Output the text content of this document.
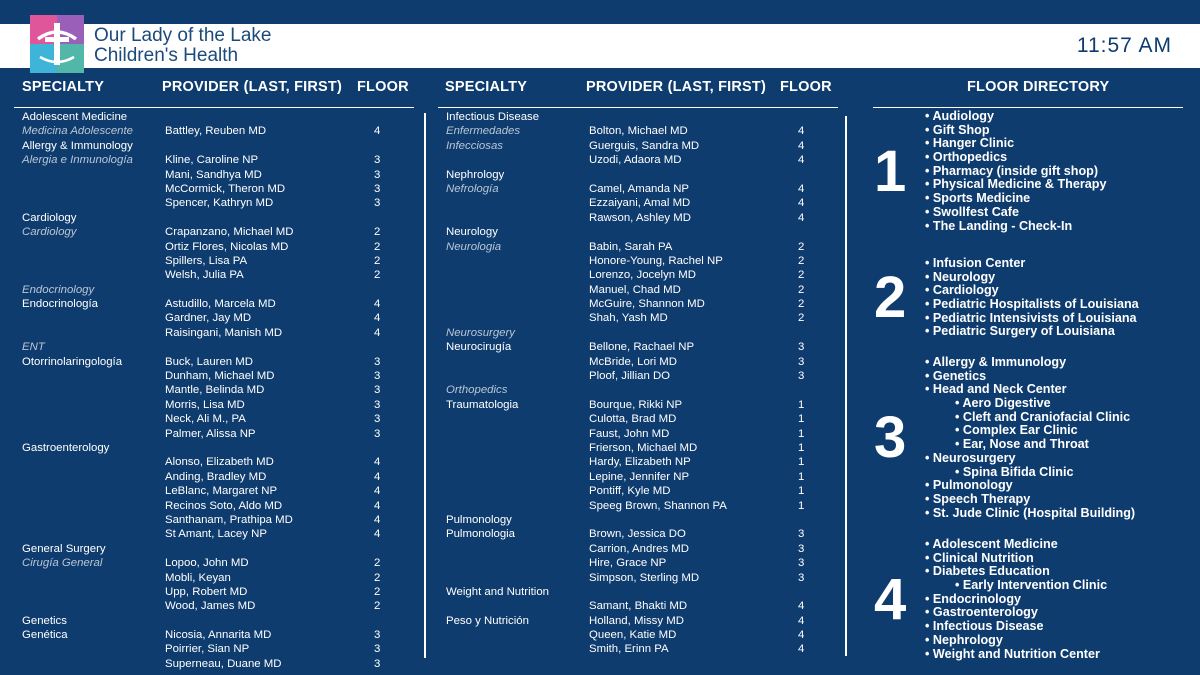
Our Lady of the Lake
Children's Health	11:57 AM
SPECIALTY	PROVIDER (LAST, FIRST) FLOOR	SPECIALTY	PROVIDER (LAST, FIRST) FLOOR	FLOOR DIRECTORY
Adolescent Medicine
Medicina Adolescente	Battley, Reuben MD	4
Allergy & Immunology
Alergia e Inmunología	Kline, Caroline NP	3
Mani, Sandhya MD	3
McCormick, Theron MD	3
Spencer, Kathryn MD	3
Cardiology
Cardiology	Crapanzano, Michael MD	2
Ortiz Flores, Nicolas MD	2
Spillers, Lisa PA	2
Welsh, Julia PA	2
Endocrinology
Endocrinología	Astudillo, Marcela MD	4
Gardner, Jay MD	4
Raisingani, Manish MD	4
ENT
Otorrinolaringología	Buck, Lauren MD	3
Dunham, Michael MD	3
Mantle, Belinda MD	3
Morris, Lisa MD	3
Neck, Ali M., PA	3
Palmer, Alissa NP	3
Gastroenterology
Alonso, Elizabeth MD	4
Anding, Bradley MD	4
LeBlanc, Margaret NP	4
Recinos Soto, Aldo MD	4
Santhanam, Prathipa MD	4
St Amant, Lacey NP	4
General Surgery
Cirugía General	Lopoo, John MD	2
Mobli, Keyan	2
Upp, Robert MD	2
Wood, James MD	2
Genetics
Genética	Nicosia, Annarita MD	3
Poirrier, Sian NP	3
Superneau, Duane MD	3
Infectious Disease
Enfermedades	Bolton, Michael MD	4
Infecciosas	Guerguis, Sandra MD	4
Uzodi, Adaora MD	4
Nephrology
Nefrología	Camel, Amanda NP	4
Ezzaiyani, Amal MD	4
Rawson, Ashley MD	4
Neurology
Neurologia	Babin, Sarah PA	2
Honore-Young, Rachel NP	2
Lorenzo, Jocelyn MD	2
Manuel, Chad MD	2
McGuire, Shannon MD	2
Shah, Yash MD	2
Neurosurgery
Neurocirugía	Bellone, Rachael NP	3
McBride, Lori MD	3
Ploof, Jillian DO	3
Orthopedics
Traumatologia	Bourque, Rikki NP	1
Culotta, Brad MD	1
Faust, John MD	1
Frierson, Michael MD	1
Hardy, Elizabeth NP	1
Lepine, Jennifer NP	1
Pontiff, Kyle MD	1
Speeg Brown, Shannon PA	1
Pulmonology
Pulmonologia	Brown, Jessica DO	3
Carrion, Andres MD	3
Hire, Grace NP	3
Simpson, Sterling MD	3
Weight and Nutrition
Samant, Bhakti MD	4
Peso y Nutrición	Holland, Missy MD	4
Queen, Katie MD	4
Smith, Erinn PA	4
1
• Audiology
• Gift Shop
• Hanger Clinic
• Orthopedics
• Pharmacy (inside gift shop)
• Physical Medicine & Therapy
• Sports Medicine
• Swollfest Cafe
• The Landing - Check-In
2
• Infusion Center
• Neurology
• Cardiology
• Pediatric Hospitalists of Louisiana
• Pediatric Intensivists of Louisiana
• Pediatric Surgery of Louisiana
3
• Allergy & Immunology
• Genetics
• Head and Neck Center
• Aero Digestive
• Cleft and Craniofacial Clinic
• Complex Ear Clinic
• Ear, Nose and Throat
• Neurosurgery
• Spina Bifida Clinic
• Pulmonology
• Speech Therapy
• St. Jude Clinic (Hospital Building)
4
• Adolescent Medicine
• Clinical Nutrition
• Diabetes Education
• Early Intervention Clinic
• Endocrinology
• Gastroenterology
• Infectious Disease
• Nephrology
• Weight and Nutrition Center
